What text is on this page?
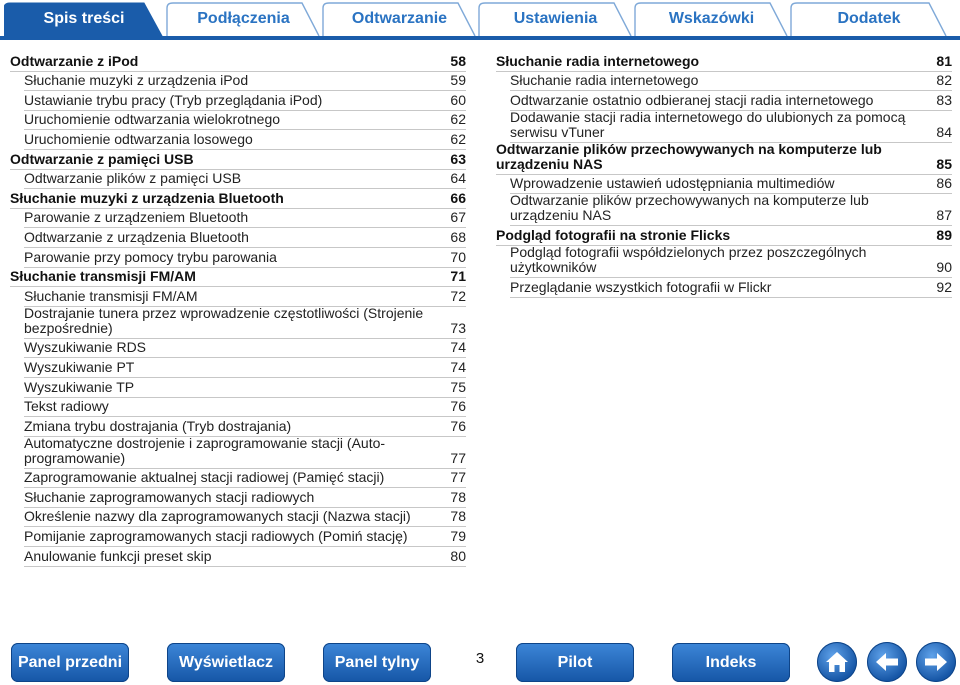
Spis treści	Podłączenia	Odtwarzanie	Ustawienia	Wskazówki	Dodatek
Odtwarzanie z iPod	58
Słuchanie muzyki z urządzenia iPod	59
Ustawianie trybu pracy (Tryb przeglądania iPod)	60
Uruchomienie odtwarzania wielokrotnego	62
Uruchomienie odtwarzania losowego	62
Odtwarzanie z pamięci USB	63
Odtwarzanie plików z pamięci USB	64
Słuchanie muzyki z urządzenia Bluetooth	66
Parowanie z urządzeniem Bluetooth	67
Odtwarzanie z urządzenia Bluetooth	68
Parowanie przy pomocy trybu parowania	70
Słuchanie transmisji FM/AM	71
Słuchanie transmisji FM/AM	72
Dostrajanie tunera przez wprowadzenie częstotliwości (Strojenie bezpośrednie)	73
Wyszukiwanie RDS	74
Wyszukiwanie PT	74
Wyszukiwanie TP	75
Tekst radiowy	76
Zmiana trybu dostrajania (Tryb dostrajania)	76
Automatyczne dostrojenie i zaprogramowanie stacji (Auto-programowanie)	77
Zaprogramowanie aktualnej stacji radiowej (Pamięć stacji)	77
Słuchanie zaprogramowanych stacji radiowych	78
Określenie nazwy dla zaprogramowanych stacji (Nazwa stacji)	78
Pomijanie zaprogramowanych stacji radiowych (Pomiń stację)	79
Anulowanie funkcji preset skip	80
Słuchanie radia internetowego	81
Słuchanie radia internetowego	82
Odtwarzanie ostatnio odbieranej stacji radia internetowego	83
Dodawanie stacji radia internetowego do ulubionych za pomocą serwisu vTuner	84
Odtwarzanie plików przechowywanych na komputerze lub urządzeniu NAS	85
Wprowadzenie ustawień udostępniania multimediów	86
Odtwarzanie plików przechowywanych na komputerze lub urządzeniu NAS	87
Podgląd fotografii na stronie Flicks	89
Podgląd fotografii współdzielonych przez poszczególnych użytkowników	90
Przeglądanie wszystkich fotografii w Flickr	92
Panel przedni	Wyświetlacz	Panel tylny	3	Pilot	Indeks
